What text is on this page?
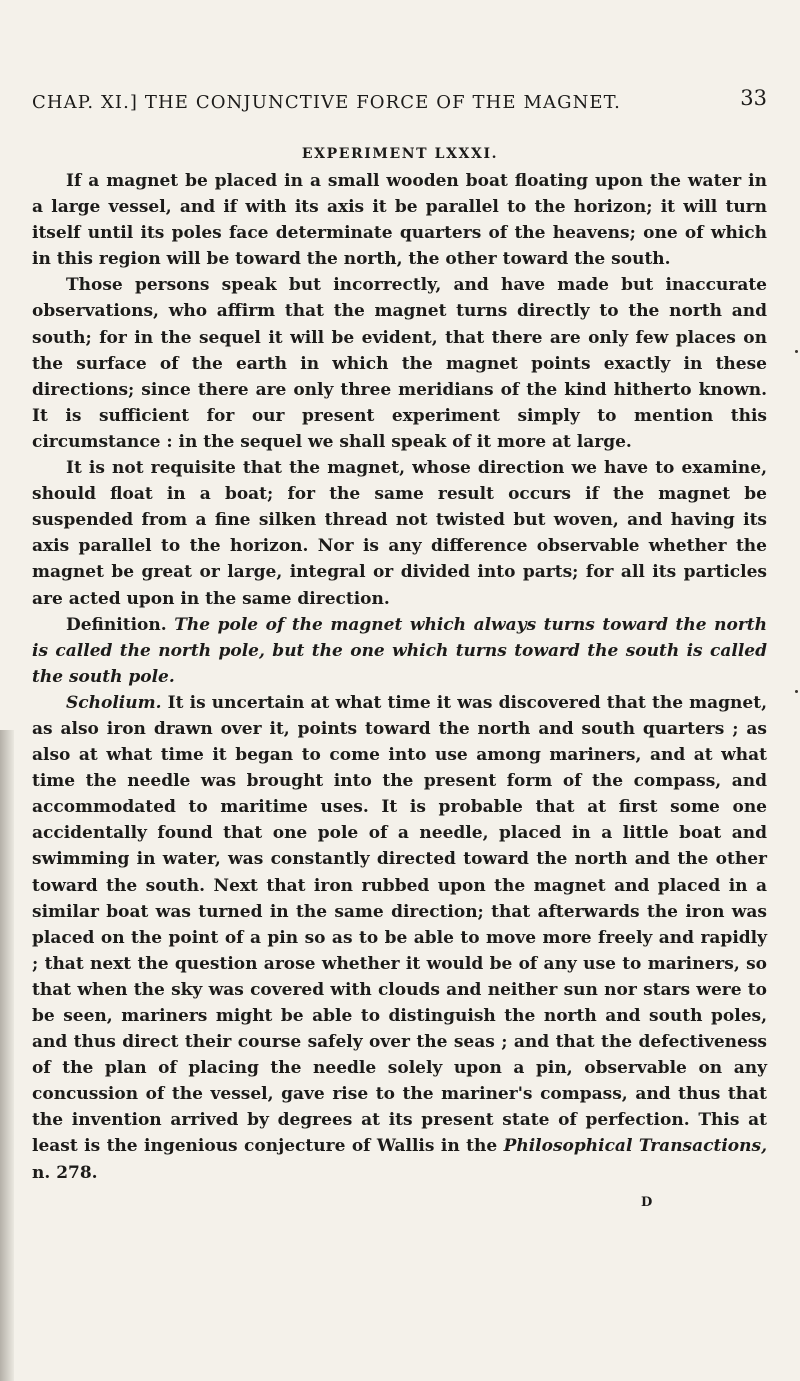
CHAP. XI.] THE CONJUNCTIVE FORCE OF THE MAGNET.	33
EXPERIMENT LXXXI.

If a magnet be placed in a small wooden boat floating upon the water in a large vessel, and if with its axis it be parallel to the horizon; it will turn itself until its poles face determinate quarters of the heavens; one of which in this region will be toward the north, the other toward the south.

Those persons speak but incorrectly, and have made but inaccurate observations, who affirm that the magnet turns directly to the north and south; for in the sequel it will be evident, that there are only few places on the surface of the earth in which the magnet points exactly in these directions; since there are only three meridians of the kind hitherto known. It is sufficient for our present experiment simply to mention this circumstance : in the sequel we shall speak of it more at large.

It is not requisite that the magnet, whose direction we have to examine, should float in a boat; for the same result occurs if the magnet be suspended from a fine silken thread not twisted but woven, and having its axis parallel to the horizon. Nor is any difference observable whether the magnet be great or large, integral or divided into parts; for all its particles are acted upon in the same direction.

Definition. The pole of the magnet which always turns toward the north is called the north pole, but the one which turns toward the south is called the south pole.

Scholium. It is uncertain at what time it was discovered that the magnet, as also iron drawn over it, points toward the north and south quarters ; as also at what time it began to come into use among mariners, and at what time the needle was brought into the present form of the compass, and accommodated to maritime uses. It is probable that at first some one accidentally found that one pole of a needle, placed in a little boat and swimming in water, was constantly directed toward the north and the other toward the south. Next that iron rubbed upon the magnet and placed in a similar boat was turned in the same direction; that afterwards the iron was placed on the point of a pin so as to be able to move more freely and rapidly ; that next the question arose whether it would be of any use to mariners, so that when the sky was covered with clouds and neither sun nor stars were to be seen, mariners might be able to distinguish the north and south poles, and thus direct their course safely over the seas ; and that the defectiveness of the plan of placing the needle solely upon a pin, observable on any concussion of the vessel, gave rise to the mariner's compass, and thus that the invention arrived by degrees at its present state of perfection. This at least is the ingenious conjecture of Wallis in the Philosophical Transactions, n. 278.

D
